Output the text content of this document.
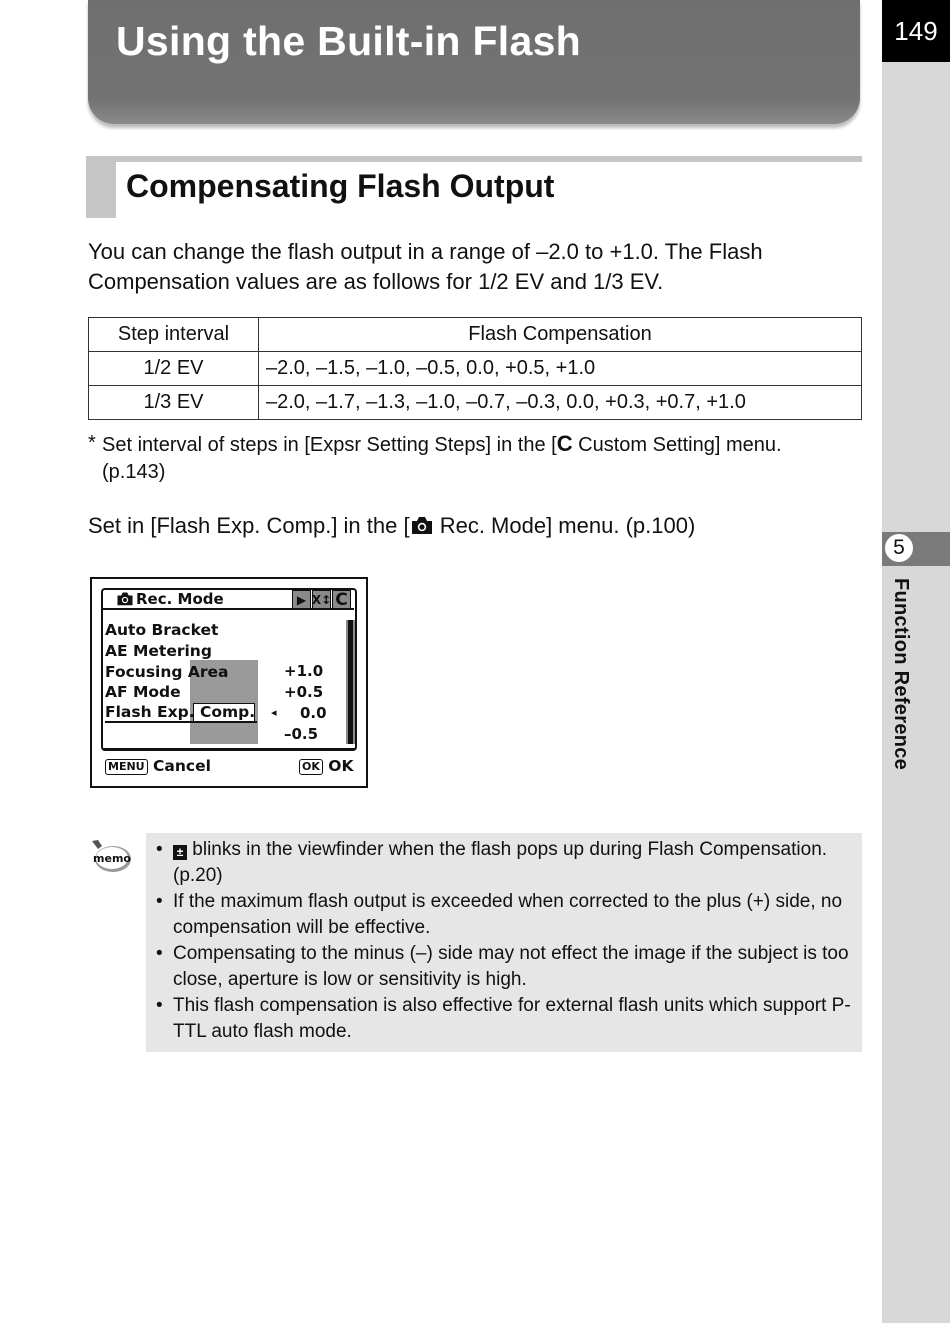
149
5
Function Reference
Using the Built-in Flash
Compensating Flash Output

You can change the flash output in a range of –2.0 to +1.0. The Flash Compensation values are as follows for 1/2 EV and 1/3 EV.

Step interval	Flash Compensation
1/2 EV	–2.0, –1.5, –1.0, –0.5, 0.0, +0.5, +1.0
1/3 EV	–2.0, –1.7, –1.3, –1.0, –0.7, –0.3, 0.0, +0.3, +0.7, +1.0
* Set interval of steps in [Expsr Setting Steps] in the [C Custom Setting] menu.
(p.143)

Set in [Flash Exp. Comp.] in the [ Rec. Mode] menu. (p.100)

Rec. Mode	▶ X↕ C
Auto Bracket
AE Metering
Focusing Area
AF Mode
Flash Exp. Comp. ◂
+1.0
+0.5
0.0
–0.5
MENU Cancel	OK OK
memo • ± blinks in the viewfinder when the flash pops up during Flash Compensation. (p.20)
• If the maximum flash output is exceeded when corrected to the plus (+) side, no compensation will be effective.
• Compensating to the minus (–) side may not effect the image if the subject is too close, aperture is low or sensitivity is high.
• This flash compensation is also effective for external flash units which support P-TTL auto flash mode.
